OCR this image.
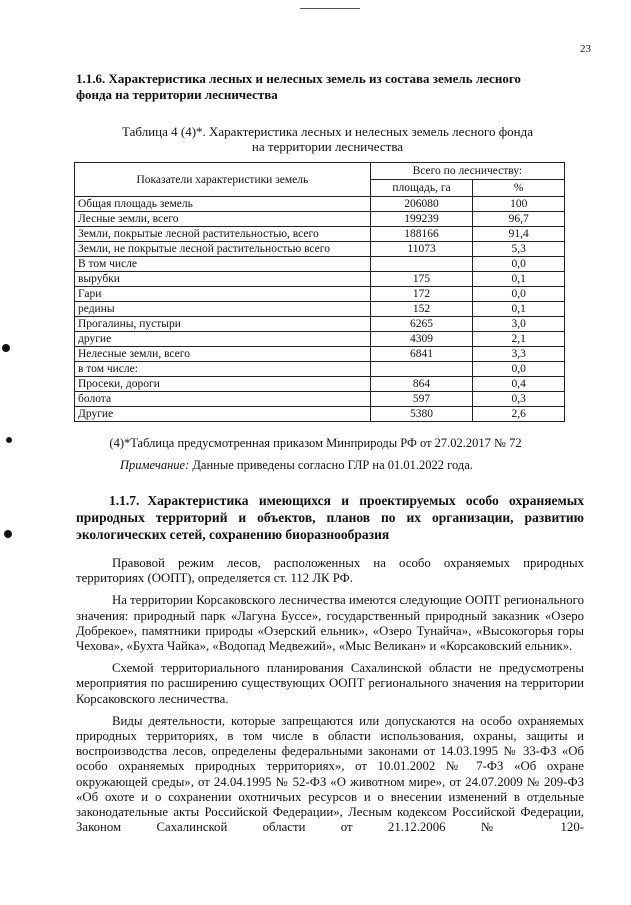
23
1.1.6. Характеристика лесных и нелесных земель из состава земель лесного фонда на территории лесничества
Таблица 4 (4)*. Характеристика лесных и нелесных земель лесного фонда
на территории лесничества
Показатели характеристики земель	Всего по лесничеству:	
	площадь, га	%
Общая площадь земель	206080	100
Лесные земли, всего	199239	96,7
Земли, покрытые лесной растительностью, всего	188166	91,4
Земли, не покрытые лесной растительностью всего	11073	5,3
В том числе		0,0
вырубки	175	0,1
Гари	172	0,0
редины	152	0,1
Прогалины, пустыри	6265	3,0
другие	4309	2,1
Нелесные земли, всего	6841	3,3
в том числе:		0,0
Просеки, дороги	864	0,4
болота	597	0,3
Другие	5380	2,6
(4)*Таблица предусмотренная приказом Минприроды РФ от 27.02.2017 № 72
Примечание: Данные приведены согласно ГЛР на 01.01.2022 года.
1.1.7. Характеристика имеющихся и проектируемых особо охраняемых природных территорий и объектов, планов по их организации, развитию экологических сетей, сохранению биоразнообразия

Правовой режим лесов, расположенных на особо охраняемых природных территориях (ООПТ), определяется ст. 112 ЛК РФ.

На территории Корсаковского лесничества имеются следующие ООПТ регионального значения: природный парк «Лагуна Буссе», государственный природный заказник «Озеро Добрекое», памятники природы «Озерский ельник», «Озеро Тунайча», «Высокогорья горы Чехова», «Бухта Чайка», «Водопад Медвежий», «Мыс Великан» и «Корсаковский ельник».

Схемой территориального планирования Сахалинской области не предусмотрены мероприятия по расширению существующих ООПТ регионального значения на территории Корсаковского лесничества.

Виды деятельности, которые запрещаются или допускаются на особо охраняемых природных территориях, в том числе в области использования, охраны, защиты и воспроизводства лесов, определены федеральными законами от 14.03.1995 № 33-ФЗ «Об особо охраняемых природных территориях», от 10.01.2002 № 7-ФЗ «Об охране окружающей среды», от 24.04.1995 № 52-ФЗ «О животном мире», от 24.07.2009 № 209-ФЗ «Об охоте и о сохранении охотничьих ресурсов и о внесении изменений в отдельные законодательные акты Российской Федерации», Лесным кодексом Российской Федерации, Законом Сахалинской области от 21.12.2006 № 120-
